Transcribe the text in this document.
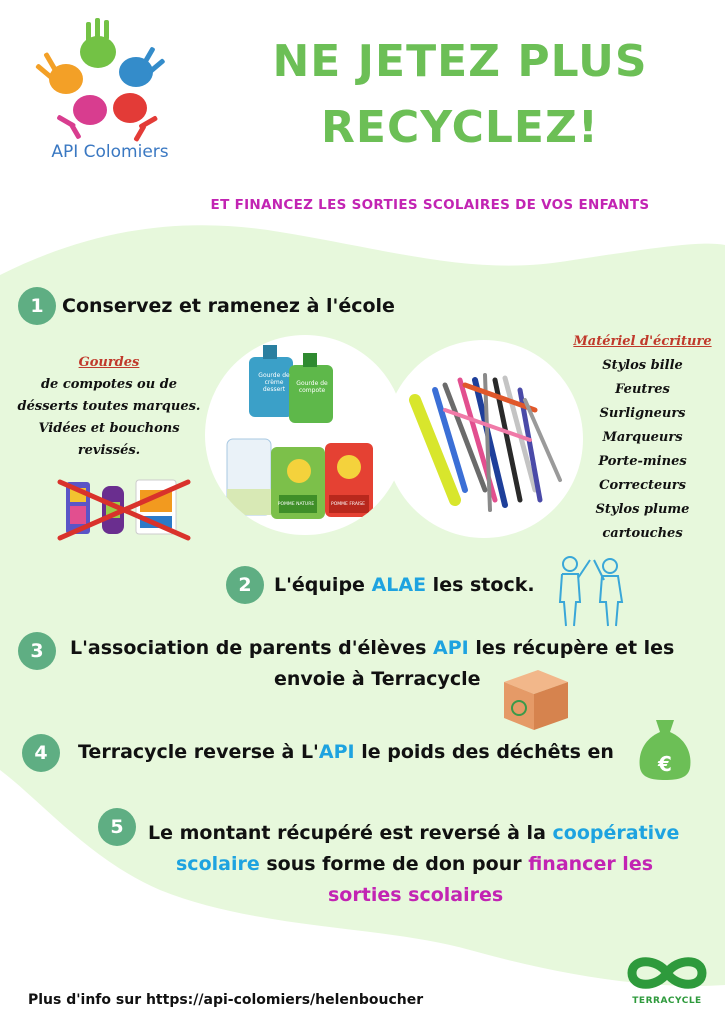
API Colomiers
NE JETEZ PLUS
RECYCLEZ!
ET FINANCEZ LES SORTIES SCOLAIRES DE VOS ENFANTS
1 Conservez et ramenez à l'école
Gourdes
de compotes ou de
désserts toutes marques.
Vidées et bouchons
revissés.
Gourde de crème dessert
Gourde de compote
POMME NATURE	POMME FRAISE
Matériel d'écriture
Stylos bille
Feutres
Surligneurs
Marqueurs
Porte-mines
Correcteurs
Stylos plume
cartouches
2	L'équipe ALAE les stock.
3	L'association de parents d'élèves API les récupère et les
envoie à Terracycle
4	Terracycle reverse à L'API le poids des déchêts en	€
5	Le montant récupéré est reversé à la coopérative
scolaire sous forme de don pour financer les
sorties scolaires
Plus d'info sur https://api-colomiers/helenboucher	TERRACYCLE
